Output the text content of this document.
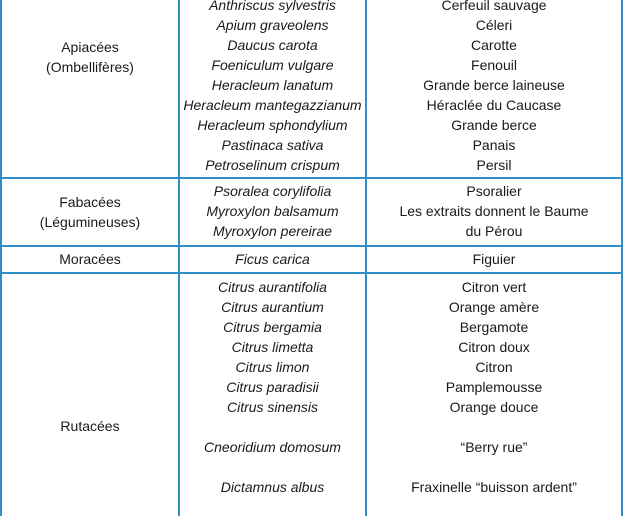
Apiacées
(Ombellifères)
Anthriscus sylvestris	Cerfeuil sauvage
Apium graveolens	Céleri
Daucus carota	Carotte
Foeniculum vulgare	Fenouil
Heracleum lanatum	Grande berce laineuse
Heracleum mantegazzianum	Héraclée du Caucase
Heracleum sphondylium	Grande berce
Pastinaca sativa	Panais
Petroselinum crispum	Persil
Fabacées
(Légumineuses)
Psoralea corylifolia	Psoralier
Myroxylon balsamum	Les extraits donnent le Baume
Myroxylon pereirae	du Pérou
Moracées	Ficus carica	Figuier
Rutacées
Citrus aurantifolia	Citron vert
Citrus aurantium	Orange amère
Citrus bergamia	Bergamote
Citrus limetta	Citron doux
Citrus limon	Citron
Citrus paradisii	Pamplemousse
Citrus sinensis	Orange douce
Cneoridium domosum	“Berry rue”
Dictamnus albus	Fraxinelle “buisson ardent”
